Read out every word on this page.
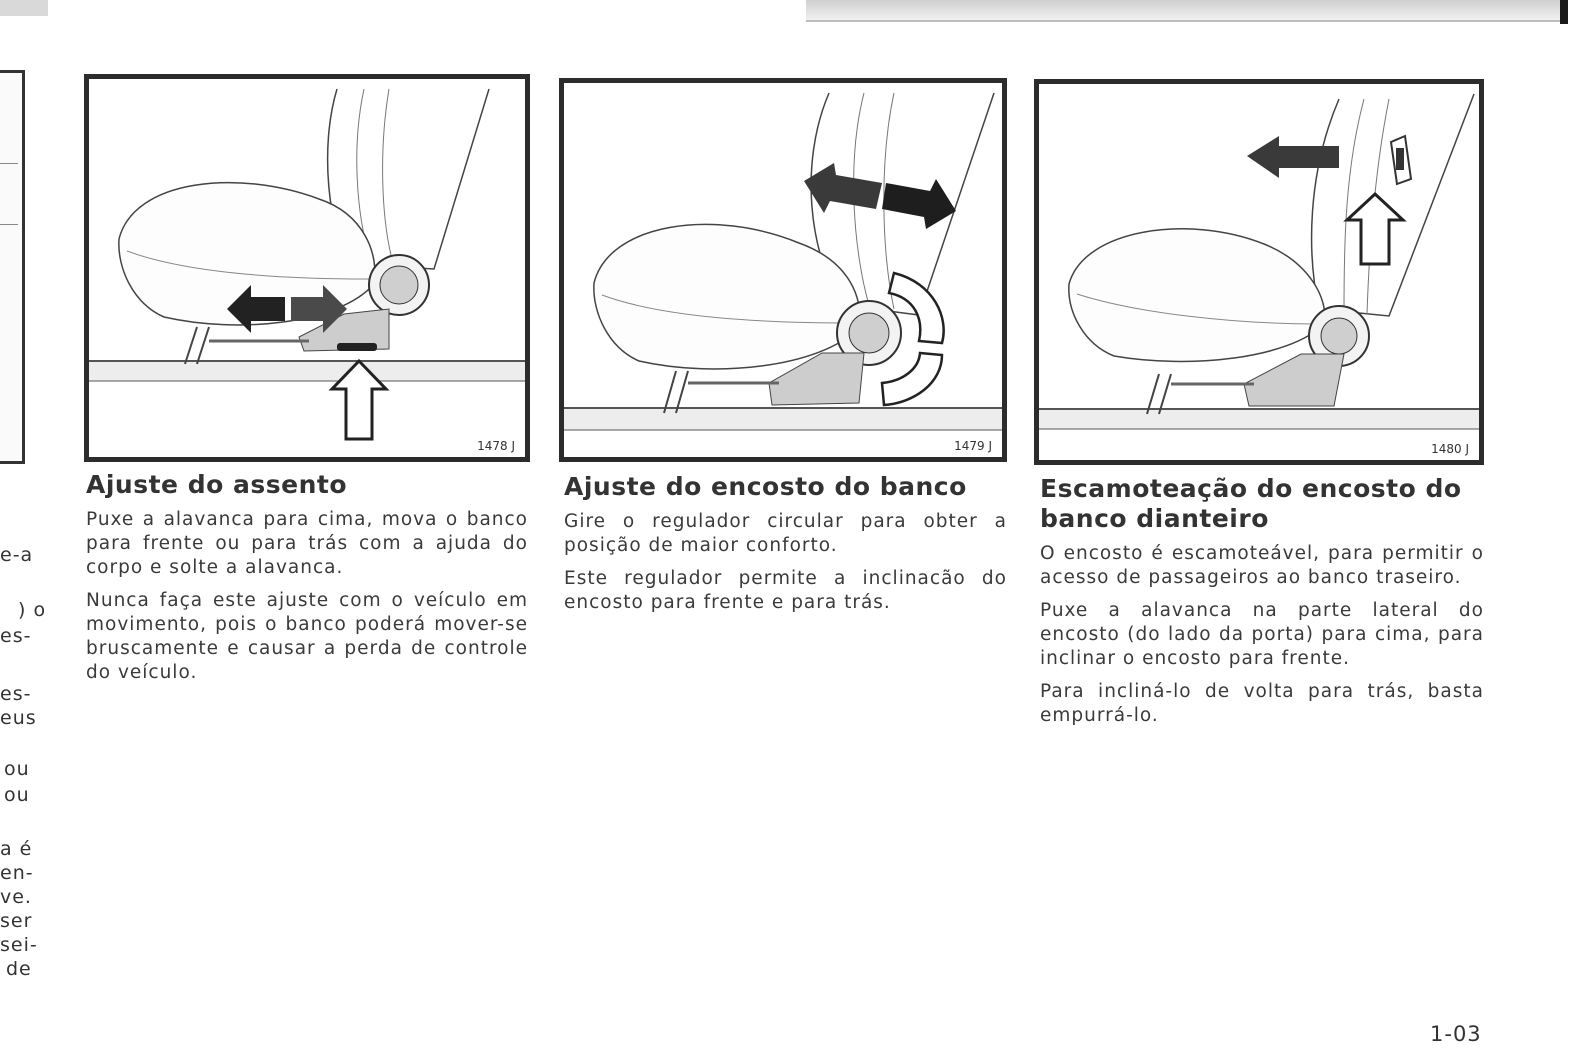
e-a
) o
es-
es-
eus
ou
ou
a é
en-
ve.
ser
sei-
de
1478 J	1479 J	1480 J
Ajuste do assento

Puxe a alavanca para cima, mova o banco para frente ou para trás com a ajuda do corpo e solte a alavanca.

Nunca faça este ajuste com o veículo em movimento, pois o banco poderá mover-se bruscamente e causar a perda de controle do veículo.

Ajuste do encosto do banco

Gire o regulador circular para obter a posição de maior conforto.

Este regulador permite a inclinacão do encosto para frente e para trás.

Escamoteação do encosto do banco dianteiro

O encosto é escamoteável, para permitir o acesso de passageiros ao banco traseiro.

Puxe a alavanca na parte lateral do encosto (do lado da porta) para cima, para inclinar o encosto para frente.

Para incliná-lo de volta para trás, basta empurrá-lo.

1-03
